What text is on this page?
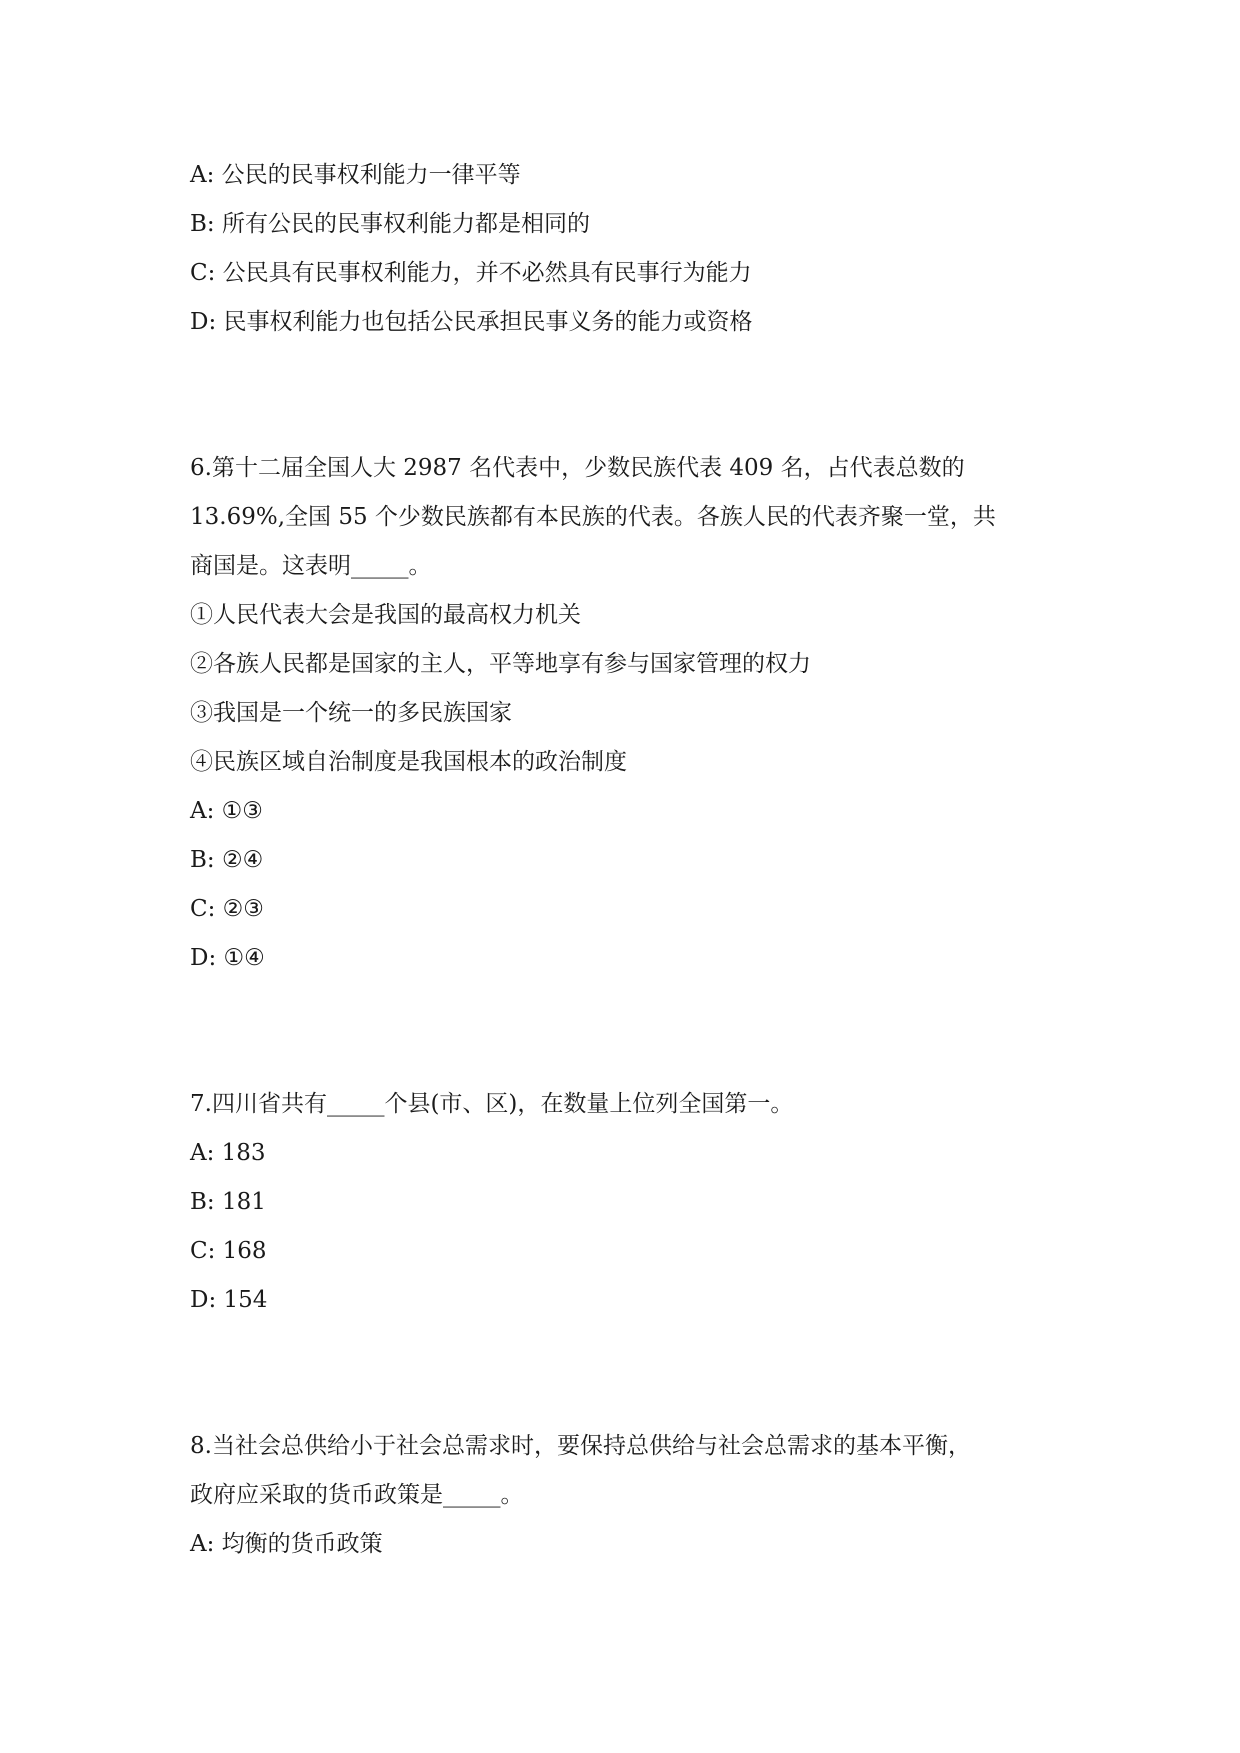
A: 公民的民事权利能力一律平等
B: 所有公民的民事权利能力都是相同的
C: 公民具有民事权利能力，并不必然具有民事行为能力
D: 民事权利能力也包括公民承担民事义务的能力或资格
6.第十二届全国人大 2987 名代表中，少数民族代表 409 名，占代表总数的
13.69%,全国 55 个少数民族都有本民族的代表。各族人民的代表齐聚一堂，共
商国是。这表明_____。
①人民代表大会是我国的最高权力机关
②各族人民都是国家的主人，平等地享有参与国家管理的权力
③我国是一个统一的多民族国家
④民族区域自治制度是我国根本的政治制度
A: ①③
B: ②④
C: ②③
D: ①④
7.四川省共有_____个县(市、区)，在数量上位列全国第一。
A: 183
B: 181
C: 168
D: 154
8.当社会总供给小于社会总需求时，要保持总供给与社会总需求的基本平衡，
政府应采取的货币政策是_____。
A: 均衡的货币政策
